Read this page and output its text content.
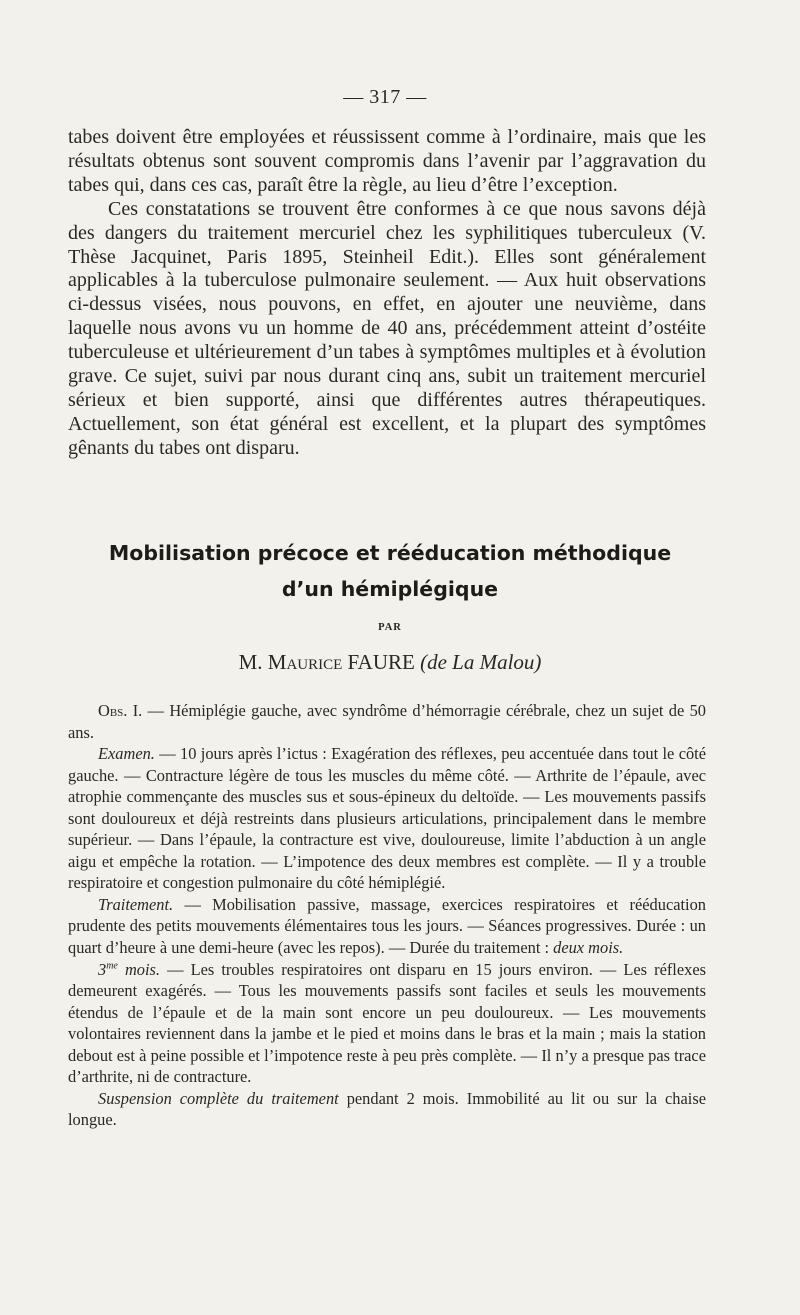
— 317 —

tabes doivent être employées et réussissent comme à l’ordinaire, mais que les résultats obtenus sont souvent compromis dans l’avenir par l’aggravation du tabes qui, dans ces cas, paraît être la règle, au lieu d’être l’exception.

Ces constatations se trouvent être conformes à ce que nous savons déjà des dangers du traitement mercuriel chez les syphilitiques tuberculeux (V. Thèse Jacquinet, Paris 1895, Steinheil Edit.). Elles sont généralement applicables à la tuberculose pulmonaire seulement. — Aux huit observations ci-dessus visées, nous pouvons, en effet, en ajouter une neuvième, dans laquelle nous avons vu un homme de 40 ans, précédemment atteint d’ostéite tuberculeuse et ultérieurement d’un tabes à symptômes multiples et à évolution grave. Ce sujet, suivi par nous durant cinq ans, subit un traitement mercuriel sérieux et bien supporté, ainsi que différentes autres thérapeutiques. Actuellement, son état général est excellent, et la plupart des symptômes gênants du tabes ont disparu.

Mobilisation précoce et rééducation méthodique
d’un hémiplégique
PAR
M. Maurice FAURE (de La Malou)

Obs. I. — Hémiplégie gauche, avec syndrôme d’hémorragie cérébrale, chez un sujet de 50 ans.

Examen. — 10 jours après l’ictus : Exagération des réflexes, peu accentuée dans tout le côté gauche. — Contracture légère de tous les muscles du même côté. — Arthrite de l’épaule, avec atrophie commençante des muscles sus et sous-épineux du deltoïde. — Les mouvements passifs sont douloureux et déjà restreints dans plusieurs articulations, principalement dans le membre supérieur. — Dans l’épaule, la contracture est vive, douloureuse, limite l’abduction à un angle aigu et empêche la rotation. — L’impotence des deux membres est complète. — Il y a trouble respiratoire et congestion pulmonaire du côté hémiplégié.

Traitement. — Mobilisation passive, massage, exercices respiratoires et rééducation prudente des petits mouvements élémentaires tous les jours. — Séances progressives. Durée : un quart d’heure à une demi-heure (avec les repos). — Durée du traitement : deux mois.

$3^{me}$ mois. — Les troubles respiratoires ont disparu en 15 jours environ. — Les réflexes demeurent exagérés. — Tous les mouvements passifs sont faciles et seuls les mouvements étendus de l’épaule et de la main sont encore un peu douloureux. — Les mouvements volontaires reviennent dans la jambe et le pied et moins dans le bras et la main ; mais la station debout est à peine possible et l’impotence reste à peu près complète. — Il n’y a presque pas trace d’arthrite, ni de contracture.

Suspension complète du traitement pendant 2 mois. Immobilité au lit ou sur la chaise longue.
